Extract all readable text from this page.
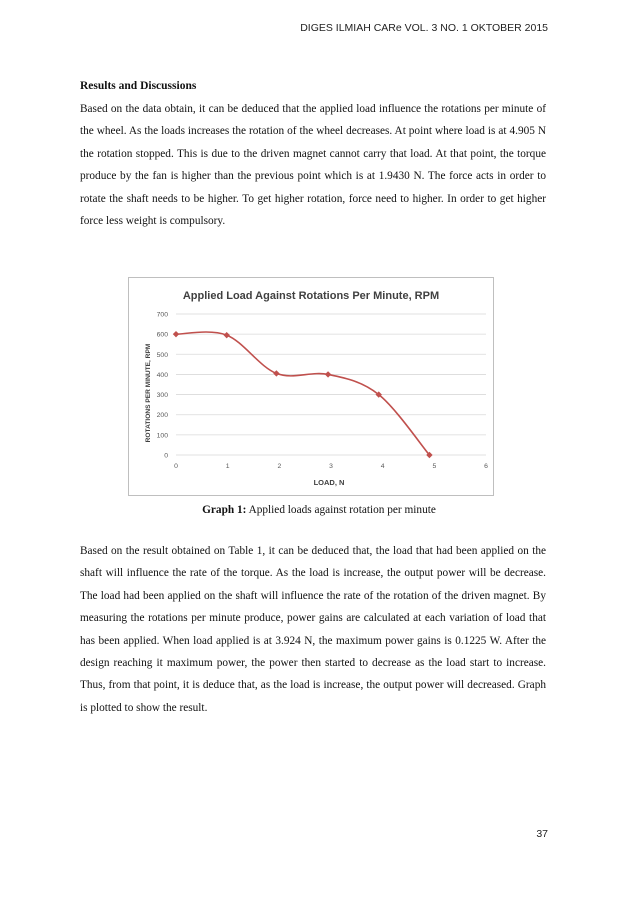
DIGES ILMIAH CARe VOL. 3 NO. 1 OKTOBER 2015
Results and Discussions

Based on the data obtain, it can be deduced that the applied load influence the rotations per minute of the wheel. As the loads increases the rotation of the wheel decreases. At point where load is at 4.905 N the rotation stopped. This is due to the driven magnet cannot carry that load. At that point, the torque produce by the fan is higher than the previous point which is at 1.9430 N. The force acts in order to rotate the shaft needs to be higher. To get higher rotation, force need to higher. In order to get higher force less weight is compulsory.

Applied Load Against Rotations Per Minute, RPM
ROTATIONS PER MINUTE, RPM
LOAD, N
0
100
200
300
400
500
600
700
0	1	2	3	4	5	6
Graph 1: Applied loads against rotation per minute

Based on the result obtained on Table 1, it can be deduced that, the load that had been applied on the shaft will influence the rate of the torque. As the load is increase, the output power will be decrease. The load had been applied on the shaft will influence the rate of the rotation of the driven magnet. By measuring the rotations per minute produce, power gains are calculated at each variation of load that has been applied. When load applied is at 3.924 N, the maximum power gains is 0.1225 W. After the design reaching it maximum power, the power then started to decrease as the load start to increase. Thus, from that point, it is deduce that, as the load is increase, the output power will decreased. Graph is plotted to show the result.

37
